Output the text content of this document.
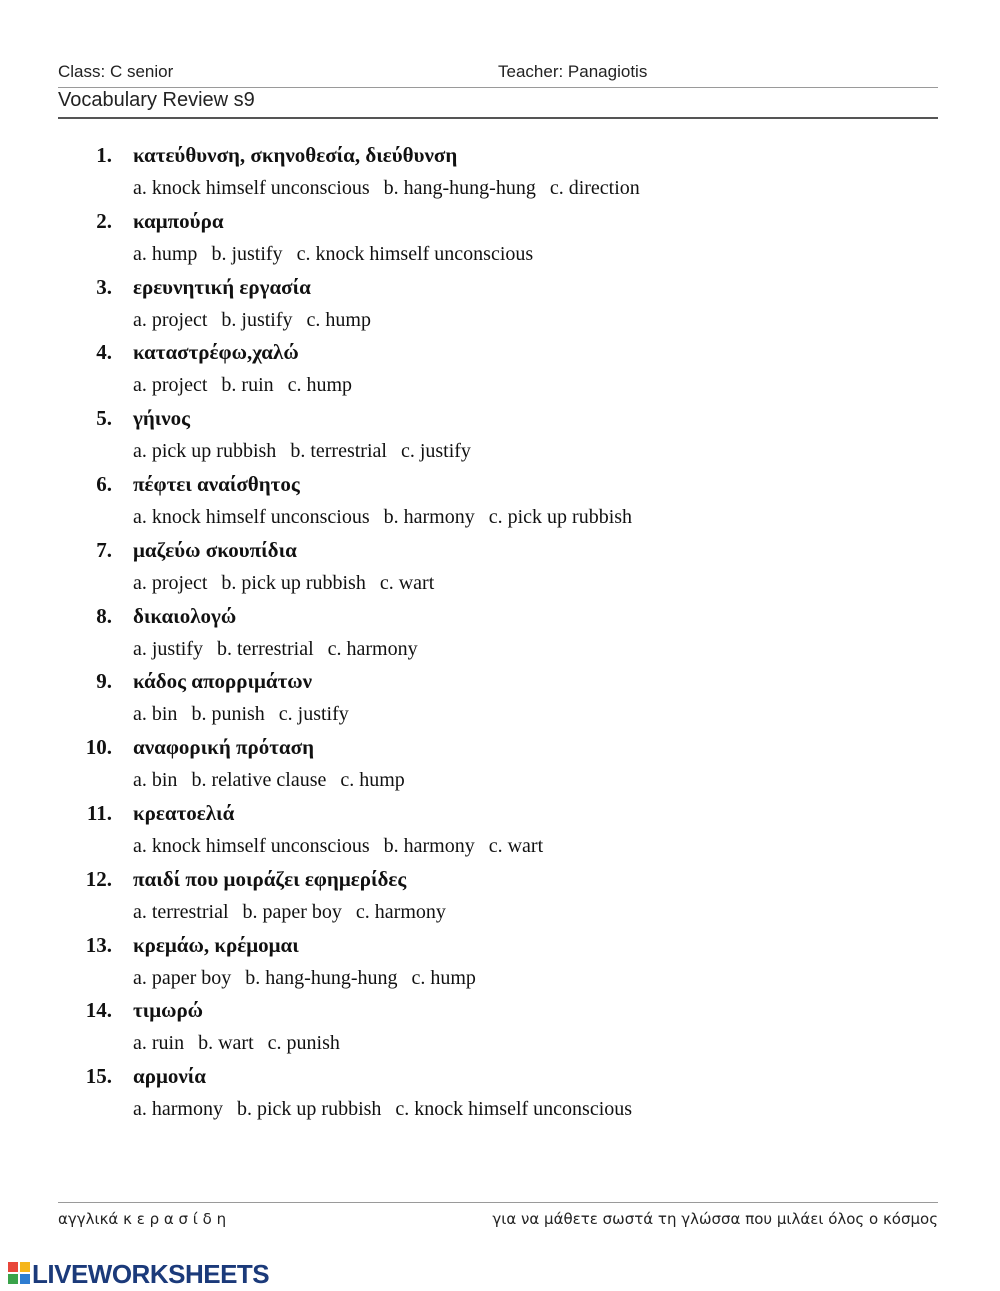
Class: C senior	Teacher: Panagiotis
Vocabulary Review s9
1. κατεύθυνση, σκηνοθεσία, διεύθυνση
a. knock himself unconscious b. hang-hung-hung c. direction
2. καμπούρα
a. hump b. justify c. knock himself unconscious
3. ερευνητική εργασία
a. project b. justify c. hump
4. καταστρέφω,χαλώ
a. project b. ruin c. hump
5. γήινος
a. pick up rubbish b. terrestrial c. justify
6. πέφτει αναίσθητος
a. knock himself unconscious b. harmony c. pick up rubbish
7. μαζεύω σκουπίδια
a. project b. pick up rubbish c. wart
8. δικαιολογώ
a. justify b. terrestrial c. harmony
9. κάδος απορριμάτων
a. bin b. punish c. justify
10. αναφορική πρόταση
a. bin b. relative clause c. hump
11. κρεατοελιά
a. knock himself unconscious b. harmony c. wart
12. παιδί που μοιράζει εφημερίδες
a. terrestrial b. paper boy c. harmony
13. κρεμάω, κρέμομαι
a. paper boy b. hang-hung-hung c. hump
14. τιμωρώ
a. ruin b. wart c. punish
15. αρμονία
a. harmony b. pick up rubbish c. knock himself unconscious
αγγλικά κ ε ρ α σ ί δ η	για να μάθετε σωστά τη γλώσσα που μιλάει όλος ο κόσμος
LIVEWORKSHEETS
